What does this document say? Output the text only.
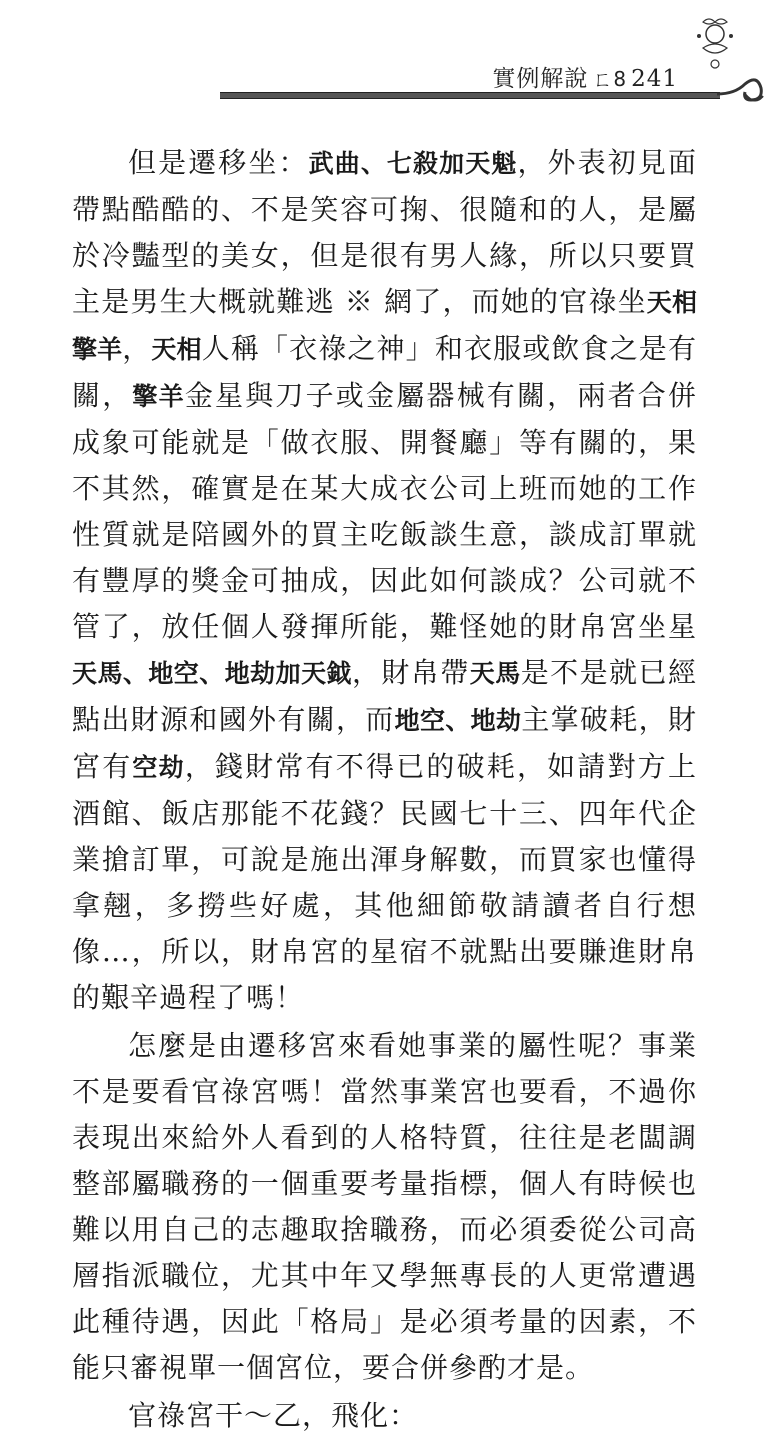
實例解說 ㄈ8 241

但是遷移坐：武曲、七殺加天魁，外表初見面帶點酷酷的、不是笑容可掬、很隨和的人，是屬於冷豔型的美女，但是很有男人緣，所以只要買主是男生大概就難逃 ※ 網了，而她的官祿坐天相擎羊，天相人稱「衣祿之神」和衣服或飲食之是有關，擎羊金星與刀子或金屬器械有關，兩者合併成象可能就是「做衣服、開餐廳」等有關的，果不其然，確實是在某大成衣公司上班而她的工作性質就是陪國外的買主吃飯談生意，談成訂單就有豐厚的獎金可抽成，因此如何談成？公司就不管了，放任個人發揮所能，難怪她的財帛宮坐星天馬、地空、地劫加天鉞，財帛帶天馬是不是就已經點出財源和國外有關，而地空、地劫主掌破耗，財宮有空劫，錢財常有不得已的破耗，如請對方上酒館、飯店那能不花錢？民國七十三、四年代企業搶訂單，可說是施出渾身解數，而買家也懂得拿翹，多撈些好處，其他細節敬請讀者自行想像…，所以，財帛宮的星宿不就點出要賺進財帛的艱辛過程了嗎！

怎麼是由遷移宮來看她事業的屬性呢？事業不是要看官祿宮嗎！當然事業宮也要看，不過你表現出來給外人看到的人格特質，往往是老闆調整部屬職務的一個重要考量指標，個人有時候也難以用自己的志趣取捨職務，而必須委從公司高層指派職位，尤其中年又學無專長的人更常遭遇此種待遇，因此「格局」是必須考量的因素，不能只審視單一個宮位，要合併參酌才是。

官祿宮干～乙，飛化：
